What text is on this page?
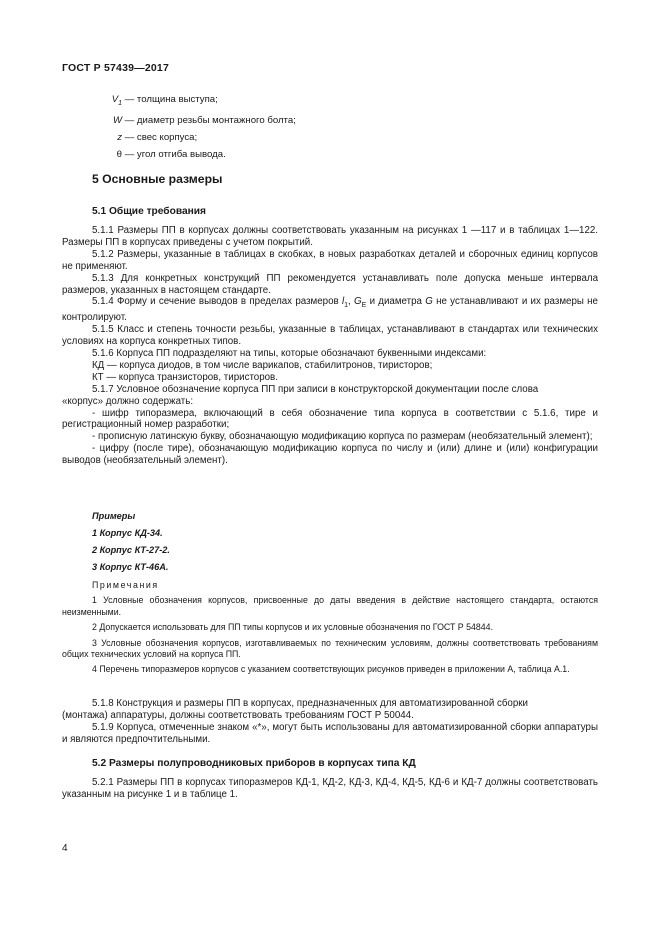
ГОСТ Р 57439—2017
$V_1$ — толщина выступа;
W — диаметр резьбы монтажного болта;
z — свес корпуса;
θ — угол отгиба вывода.
5 Основные размеры
5.1 Общие требования

5.1.1 Размеры ПП в корпусах должны соответствовать указанным на рисунках 1 —117 и в таблицах 1—122. Размеры ПП в корпусах приведены с учетом покрытий.

5.1.2 Размеры, указанные в таблицах в скобках, в новых разработках деталей и сборочных единиц корпусов не применяют.

5.1.3 Для конкретных конструкций ПП рекомендуется устанавливать поле допуска меньше интервала размеров, указанных в настоящем стандарте.

5.1.4 Форму и сечение выводов в пределах размеров $l_1$, $G_E$ и диаметра G не устанавливают и их размеры не контролируют.

5.1.5 Класс и степень точности резьбы, указанные в таблицах, устанавливают в стандартах или технических условиях на корпуса конкретных типов.

5.1.6 Корпуса ПП подразделяют на типы, которые обозначают буквенными индексами:

КД — корпуса диодов, в том числе варикапов, стабилитронов, тиристоров;

КТ — корпуса транзисторов, тиристоров.

5.1.7 Условное обозначение корпуса ПП при записи в конструкторской документации после слова

«корпус» должно содержать:

- шифр типоразмера, включающий в себя обозначение типа корпуса в соответствии с 5.1.6, тире и регистрационный номер разработки;

- прописную латинскую букву, обозначающую модификацию корпуса по размерам (необязательный элемент);

- цифру (после тире), обозначающую модификацию корпуса по числу и (или) длине и (или) конфигурации выводов (необязательный элемент).

Примеры
1 Корпус КД-34.
2 Корпус КТ-27-2.
3 Корпус КТ-46А.
Примечания

1 Условные обозначения корпусов, присвоенные до даты введения в действие настоящего стандарта, остаются неизменными.

2 Допускается использовать для ПП типы корпусов и их условные обозначения по ГОСТ Р 54844.

3 Условные обозначения корпусов, изготавливаемых по техническим условиям, должны соответствовать требованиям общих технических условий на корпуса ПП.

4 Перечень типоразмеров корпусов с указанием соответствующих рисунков приведен в приложении А, таблица А.1.

5.1.8 Конструкция и размеры ПП в корпусах, предназначенных для автоматизированной сборки

(монтажа) аппаратуры, должны соответствовать требованиям ГОСТ Р 50044.

5.1.9 Корпуса, отмеченные знаком «*», могут быть использованы для автоматизированной сборки аппаратуры и являются предпочтительными.

5.2 Размеры полупроводниковых приборов в корпусах типа КД

5.2.1 Размеры ПП в корпусах типоразмеров КД-1, КД-2, КД-3, КД-4, КД-5, КД-6 и КД-7 должны соответствовать указанным на рисунке 1 и в таблице 1.

4
